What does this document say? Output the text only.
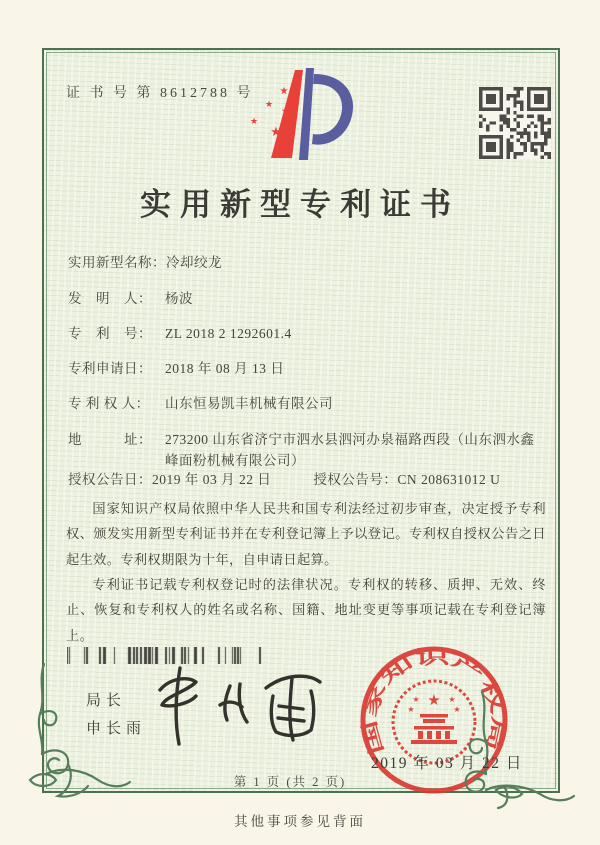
证 书 号 第 8612788 号	★
★
★
★
★
实用新型专利证书
实用新型名称： 冷却绞龙
发　明　人： 杨波
专　利　号： ZL 2018 2 1292601.4
专利申请日： 2018 年 08 月 13 日
专 利 权 人：	山东恒易凯丰机械有限公司
地　　　址： 273200 山东省济宁市泗水县泗河办泉福路西段（山东泗水鑫峰面粉机械有限公司）
授权公告日： 2019 年 03 月 22 日	授权公告号： CN 208631012 U

国家知识产权局依照中华人民共和国专利法经过初步审查，决定授予专利权、颁发实用新型专利证书并在专利登记簿上予以登记。专利权自授权公告之日起生效。专利权期限为十年，自申请日起算。

专利证书记载专利权登记时的法律状况。专利权的转移、质押、无效、终止、恢复和专利权人的姓名或名称、国籍、地址变更等事项记载在专利登记簿上。

局长
申长雨
国家知识产权局
★
★	★
★	★
2019 年 03 月 22 日
第 1 页 (共 2 页)
其他事项参见背面
